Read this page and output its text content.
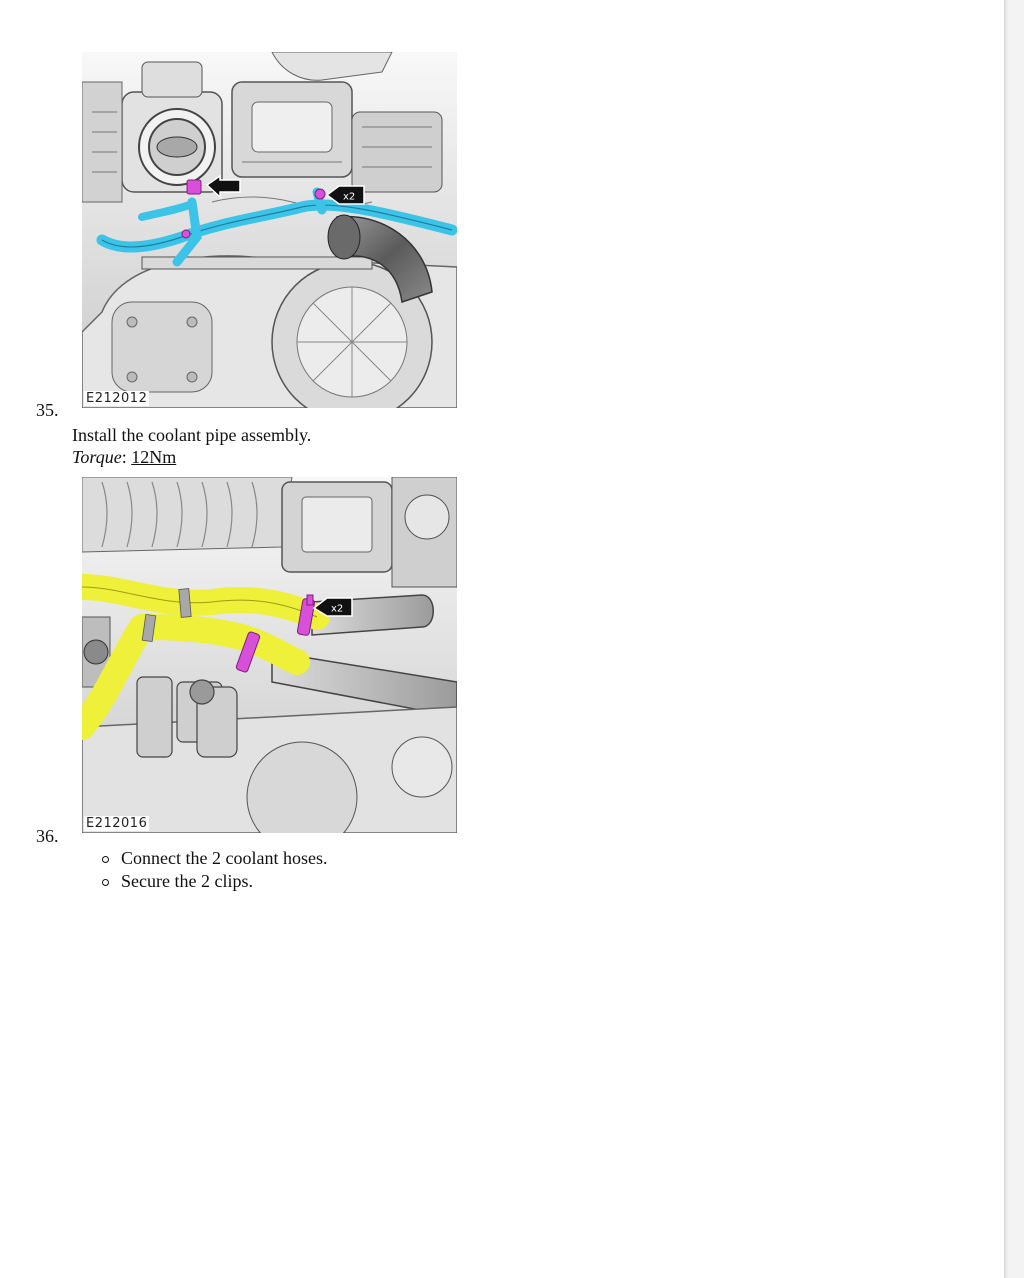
x2
E212012
35.
Install the coolant pipe assembly.
Torque: 12Nm
x2
E212016
36.
Connect the 2 coolant hoses.
Secure the 2 clips.
